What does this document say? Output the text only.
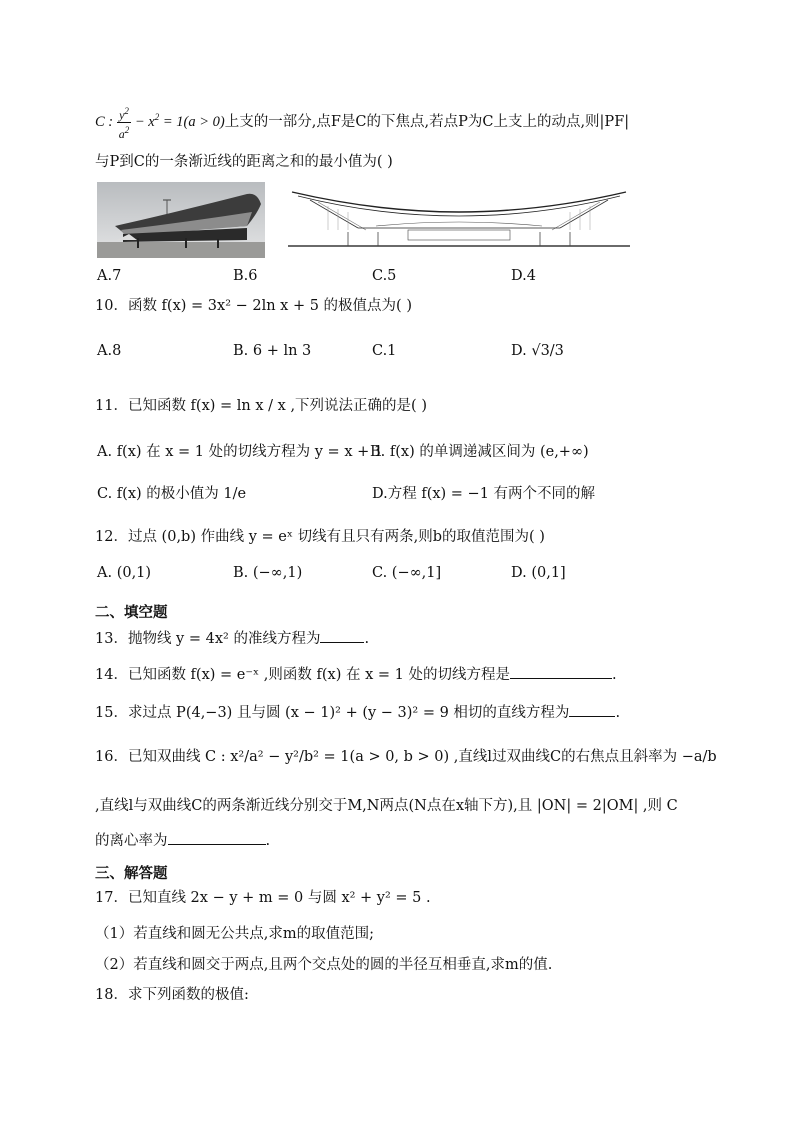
C : $\frac{y^2}{a^2} - x^2 = 1(a > 0)$上支的一部分,点F是C的下焦点,若点P为C上支上的动点,则|PF|
与P到C的一条渐近线的距离之和的最小值为( )
A.7	B.6	C.5	D.4
10．函数 f(x) = 3x² − 2ln x + 5 的极值点为( )
A.8	B. 6 + ln 3	C.1	D. √3/3
11．已知函数 f(x) = ln x / x ,下列说法正确的是( )
A. f(x) 在 x = 1 处的切线方程为 y = x + 1
B. f(x) 的单调递减区间为 (e,+∞)
C. f(x) 的极小值为 1/e	D.方程 f(x) = −1 有两个不同的解
12．过点 (0,b) 作曲线 y = eˣ 切线有且只有两条,则b的取值范围为( )
A. (0,1)	B. (−∞,1)	C. (−∞,1]	D. (0,1]
二、填空题
13．抛物线 y = 4x² 的准线方程为	.
14．已知函数 f(x) = e⁻ˣ ,则函数 f(x) 在 x = 1 处的切线方程是	.
15．求过点 P(4,−3) 且与圆 (x − 1)² + (y − 3)² = 9 相切的直线方程为	.
16．已知双曲线 C : x²/a² − y²/b² = 1(a > 0, b > 0) ,直线l过双曲线C的右焦点且斜率为 −a/b
,直线l与双曲线C的两条渐近线分别交于M,N两点(N点在x轴下方),且 |ON| = 2|OM| ,则 C
的离心率为	.
三、解答题
17．已知直线 2x − y + m = 0 与圆 x² + y² = 5 .
（1）若直线和圆无公共点,求m的取值范围;
（2）若直线和圆交于两点,且两个交点处的圆的半径互相垂直,求m的值.
18．求下列函数的极值:
